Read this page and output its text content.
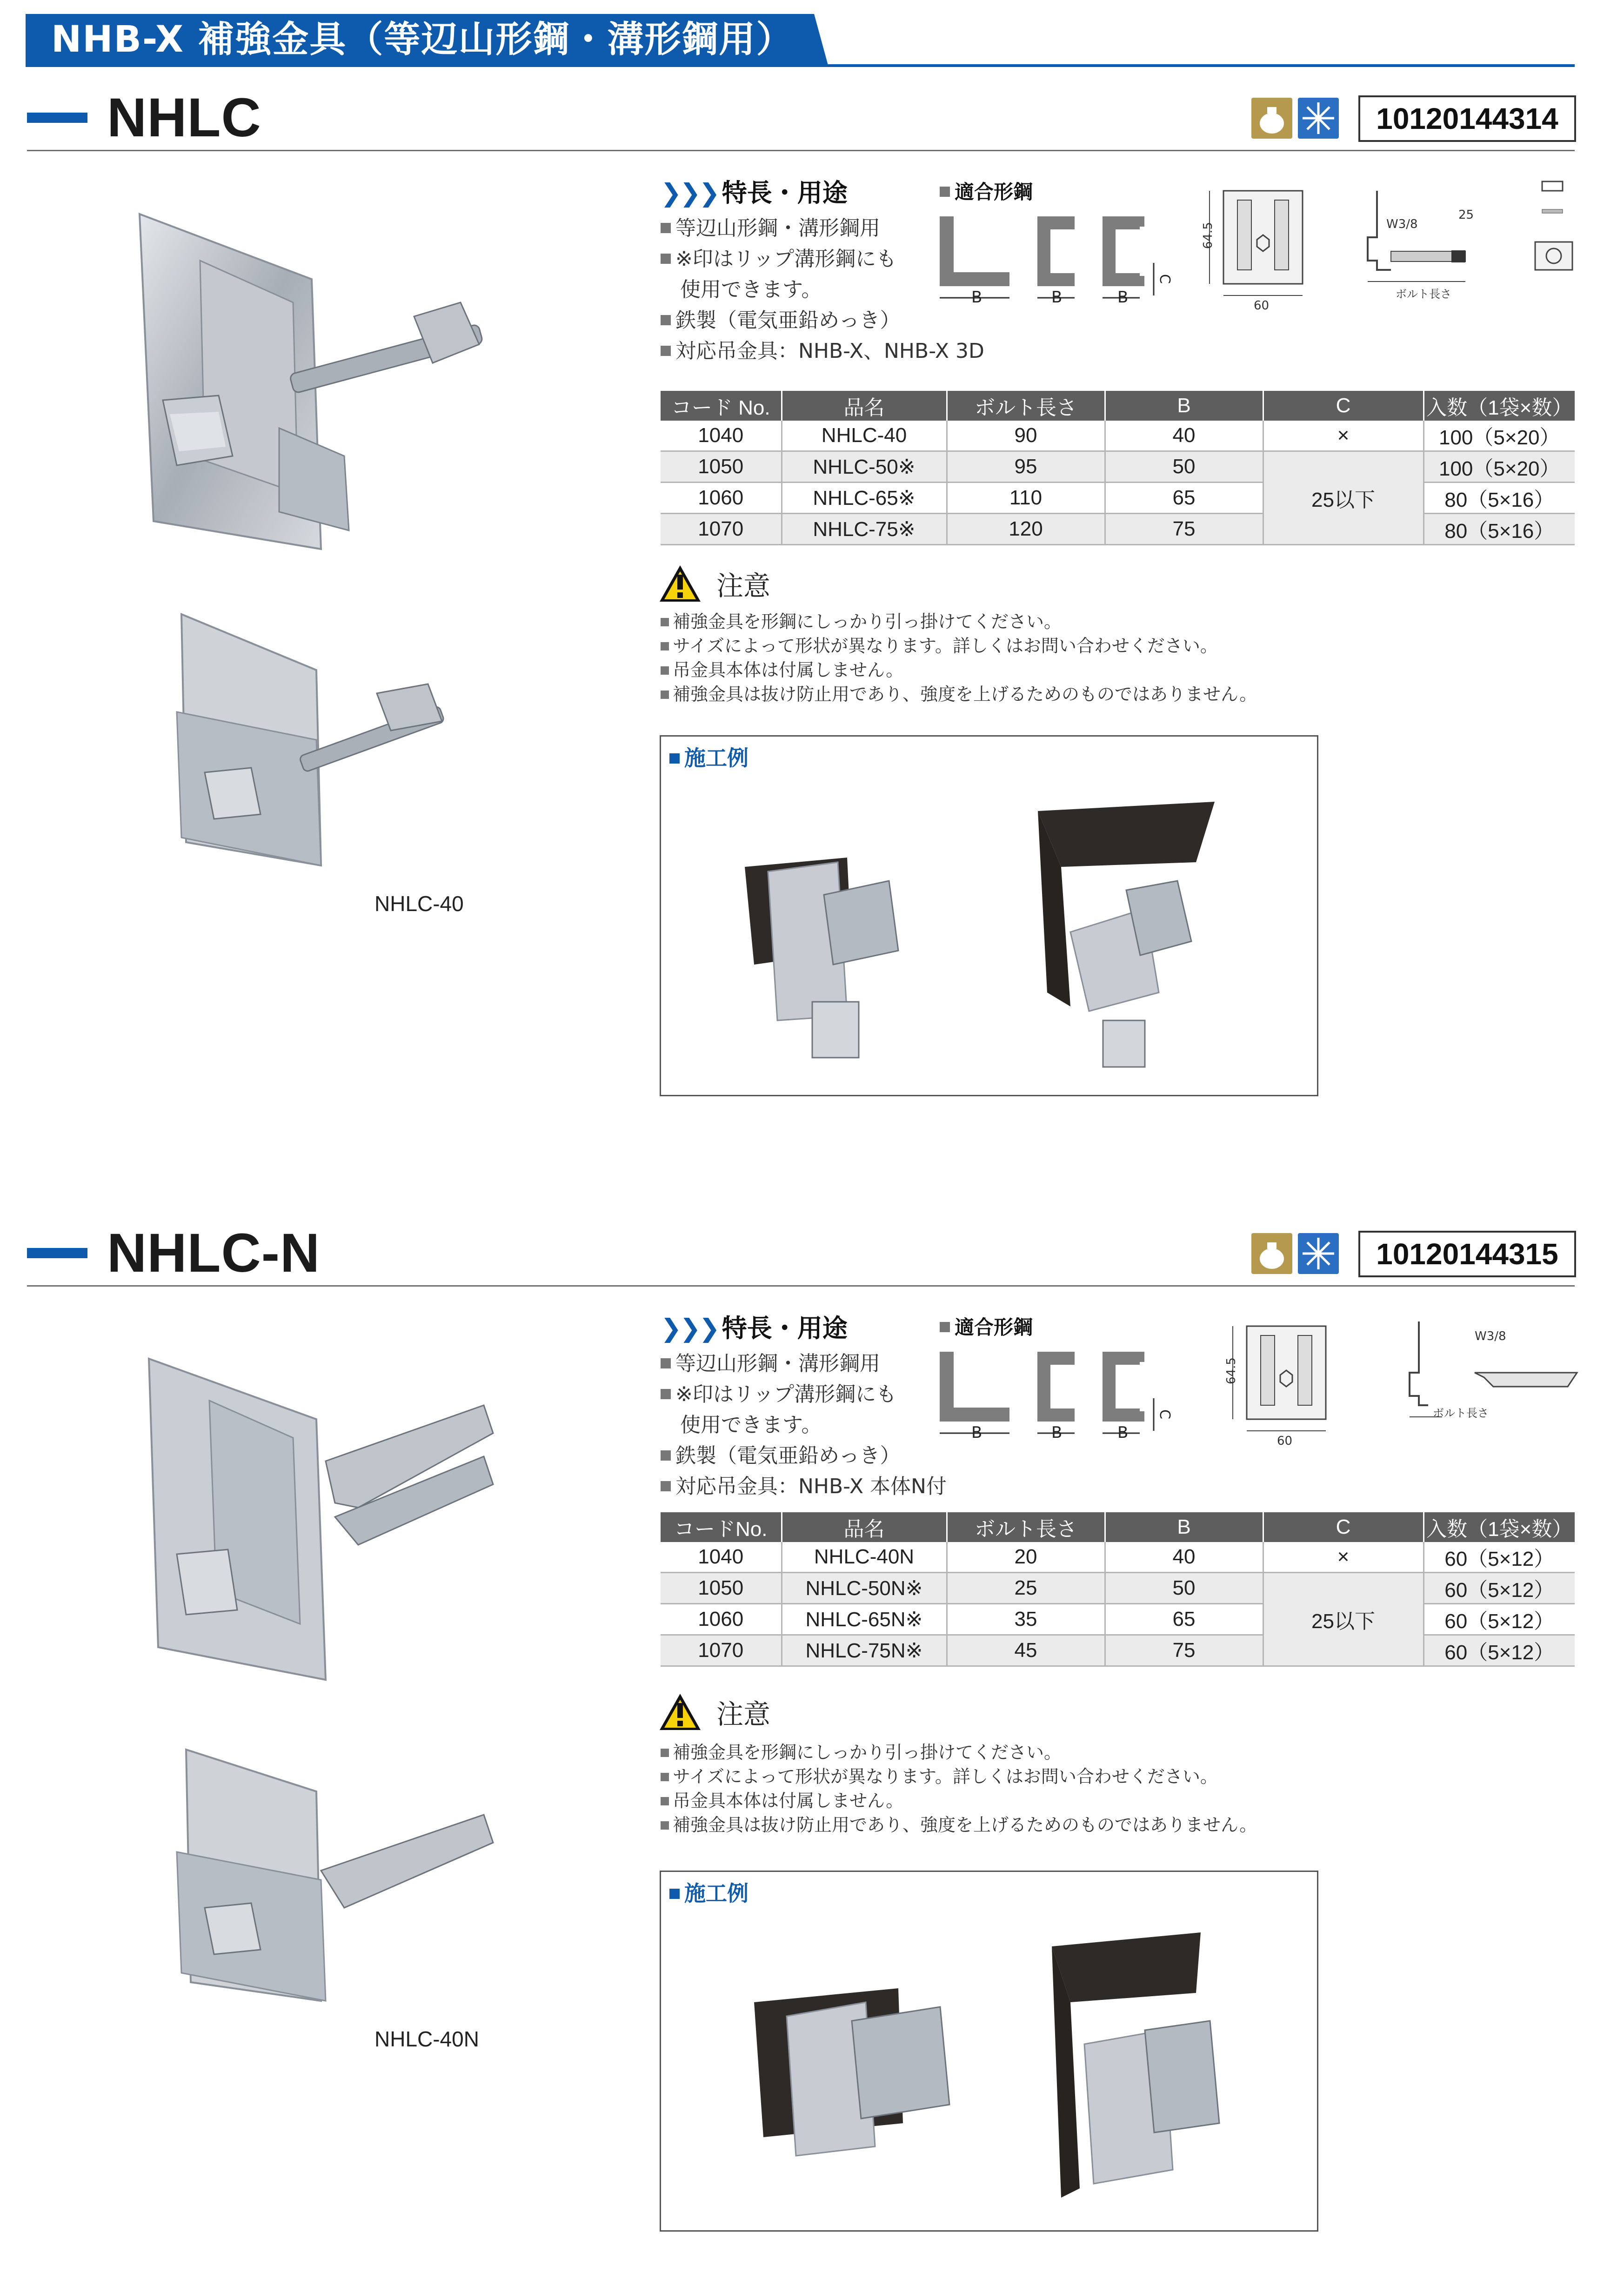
NHB-X 補強金具（等辺山形鋼・溝形鋼用）
NHLC	10120144314
NHLC-40
❯❯❯ 特長・用途
等辺山形鋼・溝形鋼用
※印はリップ溝形鋼にも
使用できます。
鉄製（電気亜鉛めっき）
対応吊金具：NHB-X、NHB-X 3D
適合形鋼
B	B	B
C
64.5
60
W3/8
25
ボルト長さ
コード No.	品名	ボルト長さ	B	C	入数（1袋×数）
1040	NHLC-40	90	40	×	100（5×20）
1050	NHLC-50※	95	50	25以下	100（5×20）
1060	NHLC-65※	110	65		80（5×16）
1070	NHLC-75※	120	75		80（5×16）
注意
補強金具を形鋼にしっかり引っ掛けてください。
サイズによって形状が異なります。詳しくはお問い合わせください。
吊金具本体は付属しません。
補強金具は抜け防止用であり、強度を上げるためのものではありません。
施工例
NHLC-N	10120144315
NHLC-40N
❯❯❯ 特長・用途
等辺山形鋼・溝形鋼用
※印はリップ溝形鋼にも
使用できます。
鉄製（電気亜鉛めっき）
対応吊金具：NHB-X 本体N付
適合形鋼
B	B	B
C
64.5
60
W3/8
ボルト長さ
コードNo.	品名	ボルト長さ	B	C	入数（1袋×数）
1040	NHLC-40N	20	40	×	60（5×12）
1050	NHLC-50N※	25	50	25以下	60（5×12）
1060	NHLC-65N※	35	65		60（5×12）
1070	NHLC-75N※	45	75		60（5×12）
注意
補強金具を形鋼にしっかり引っ掛けてください。
サイズによって形状が異なります。詳しくはお問い合わせください。
吊金具本体は付属しません。
補強金具は抜け防止用であり、強度を上げるためのものではありません。
施工例
